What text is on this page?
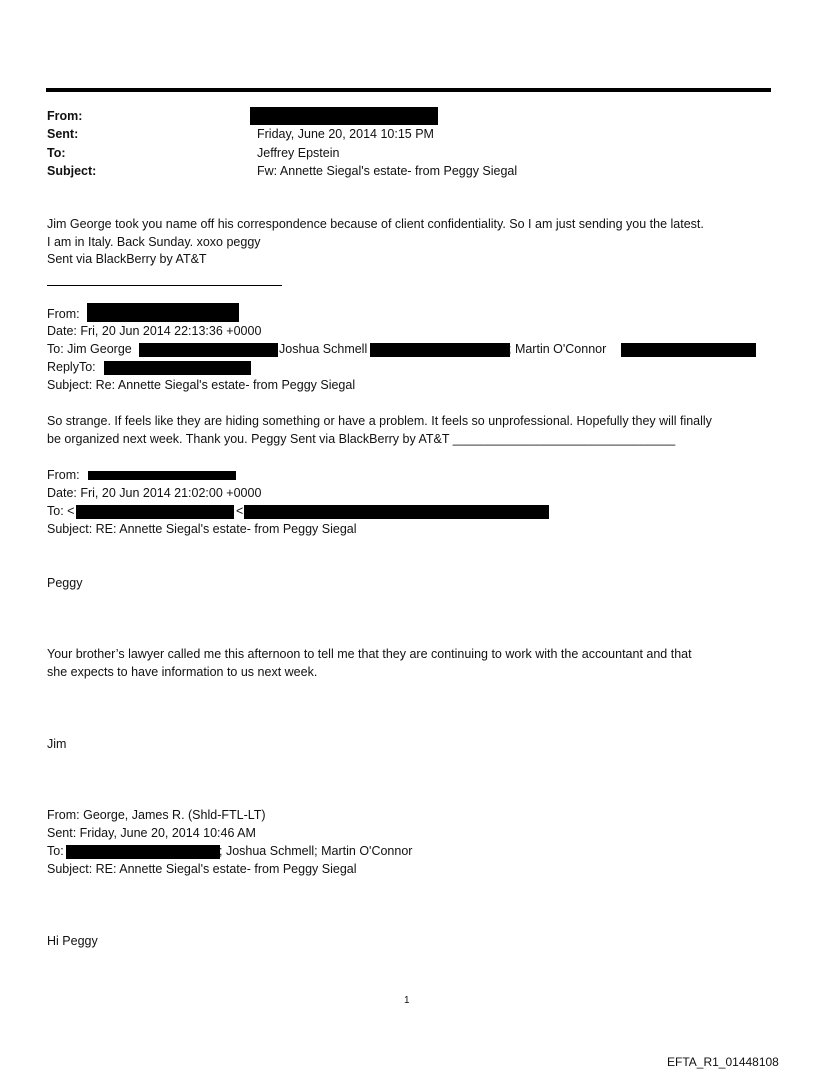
From:
Sent:	Friday, June 20, 2014 10:15 PM
To:	Jeffrey Epstein
Subject:	Fw: Annette Siegal's estate- from Peggy Siegal
Jim George took you name off his correspondence because of client confidentiality. So I am just sending you the latest.
I am in Italy. Back Sunday. xoxo peggy
Sent via BlackBerry by AT&T
From:
Date: Fri, 20 Jun 2014 22:13:36 +0000
To: Jim George	Joshua Schmell	; Martin O'Connor
ReplyTo:
Subject: Re: Annette Siegal's estate- from Peggy Siegal
So strange. If feels like they are hiding something or have a problem. It feels so unprofessional. Hopefully they will finally
be organized next week. Thank you. Peggy Sent via BlackBerry by AT&T ________________________________
From:
Date: Fri, 20 Jun 2014 21:02:00 +0000
To: <	<
Subject: RE: Annette Siegal's estate- from Peggy Siegal
Peggy
Your brother’s lawyer called me this afternoon to tell me that they are continuing to work with the accountant and that
she expects to have information to us next week.
Jim
From: George, James R. (Shld-FTL-LT)
Sent: Friday, June 20, 2014 10:46 AM
To:	; Joshua Schmell; Martin O'Connor
Subject: RE: Annette Siegal's estate- from Peggy Siegal
Hi Peggy
1
EFTA_R1_01448108
